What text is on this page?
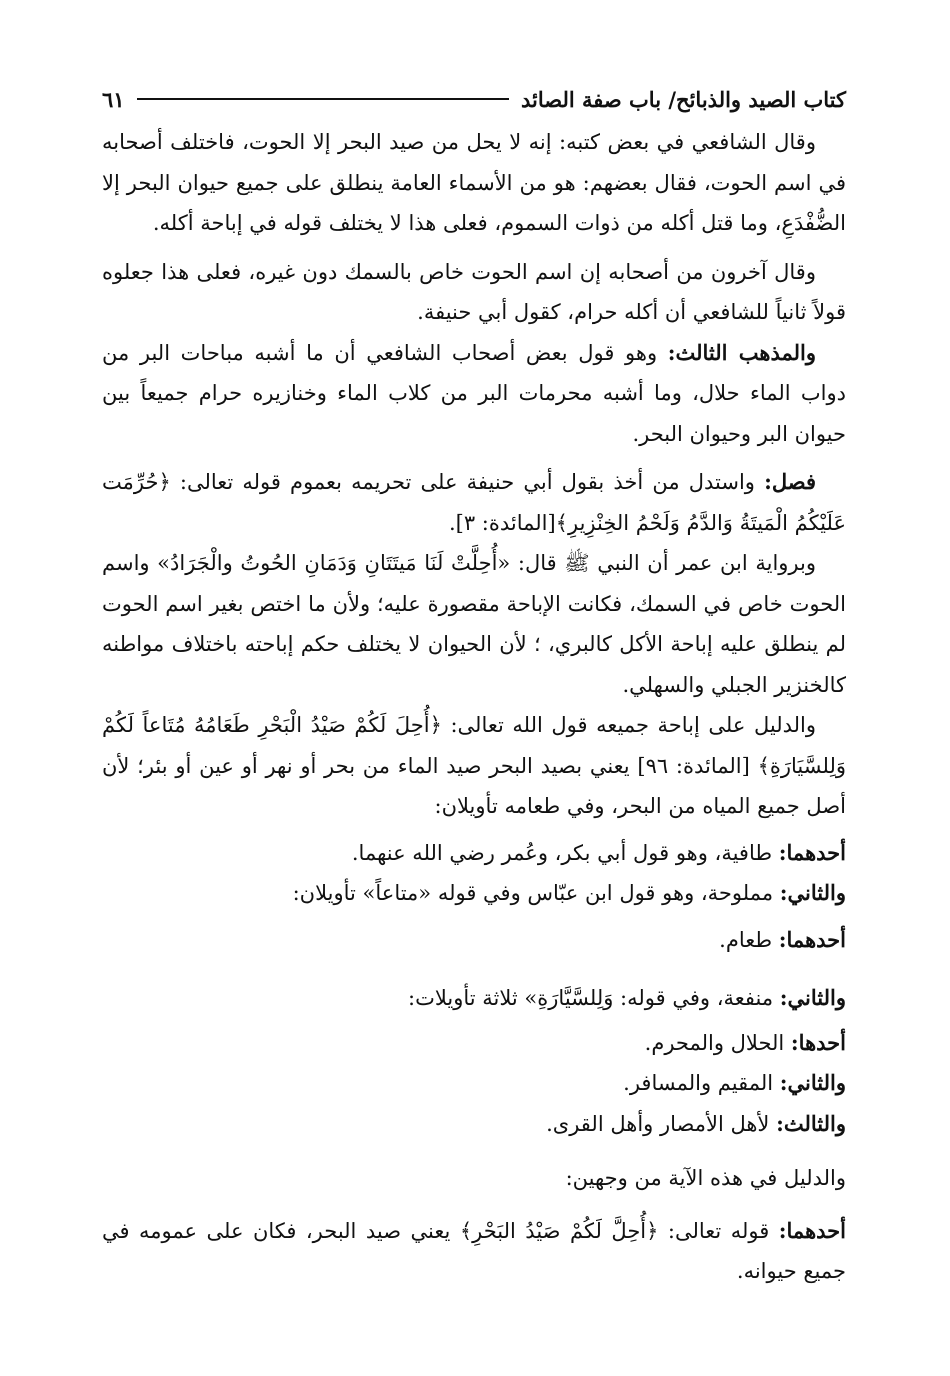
كتاب الصيد والذبائح/ باب صفة الصائد
٦١

وقال الشافعي في بعض كتبه: إنه لا يحل من صيد البحر إلا الحوت، فاختلف أصحابه في اسم الحوت، فقال بعضهم: هو من الأسماء العامة ينطلق على جميع حيوان البحر إلا الضُّفْدَعِ، وما قتل أكله من ذوات السموم، فعلى هذا لا يختلف قوله في إباحة أكله.

وقال آخرون من أصحابه إن اسم الحوت خاص بالسمك دون غيره، فعلى هذا جعلوه قولاً ثانياً للشافعي أن أكله حرام، كقول أبي حنيفة.

والمذهب الثالث: وهو قول بعض أصحاب الشافعي أن ما أشبه مباحات البر من دواب الماء حلال، وما أشبه محرمات البر من كلاب الماء وخنازيره حرام جميعاً بين حيوان البر وحيوان البحر.

فصل: واستدل من أخذ بقول أبي حنيفة على تحريمه بعموم قوله تعالى: ﴿حُرِّمَت عَلَيْكُمُ الْمَيتَةُ وَالدَّمُ وَلَحْمُ الخِنْزِيرِ﴾[المائدة: ٣].

وبرواية ابن عمر أن النبي ﷺ قال: «أُحِلَّتْ لَنَا مَيتَتَانِ وَدَمَانِ الحُوتُ والْجَرَادُ» واسم الحوت خاص في السمك، فكانت الإباحة مقصورة عليه؛ ولأن ما اختص بغير اسم الحوت لم ينطلق عليه إباحة الأكل كالبري، ؛ لأن الحيوان لا يختلف حكم إباحته باختلاف مواطنه كالخنزير الجبلي والسهلي.

والدليل على إباحة جميعه قول الله تعالى: ﴿أُحِلَ لَكُمْ صَيْدُ الْبَحْرِ طَعَامُهُ مُتَاعاً لَكُمْ وَلِلسَّيَارَةِ﴾ [المائدة: ٩٦] يعني بصيد البحر صيد الماء من بحر أو نهر أو عين أو بئر؛ لأن أصل جميع المياه من البحر، وفي طعامه تأويلان:

أحدهما: طافية، وهو قول أبي بكر، وعُمر رضي الله عنهما.

والثاني: مملوحة، وهو قول ابن عبّاس وفي قوله «متاعاً» تأويلان:

أحدهما: طعام.

والثاني: منفعة، وفي قوله: وَلِلسَّيَّارَةِ» ثلاثة تأويلات:

أحدها: الحلال والمحرم.

والثاني: المقيم والمسافر.

والثالث: لأهل الأمصار وأهل القرى.

والدليل في هذه الآية من وجهين:

أحدهما: قوله تعالى: ﴿أُحِلَّ لَكُمْ صَيْدُ البَحْرِ﴾ يعني صيد البحر، فكان على عمومه في جميع حيوانه.
